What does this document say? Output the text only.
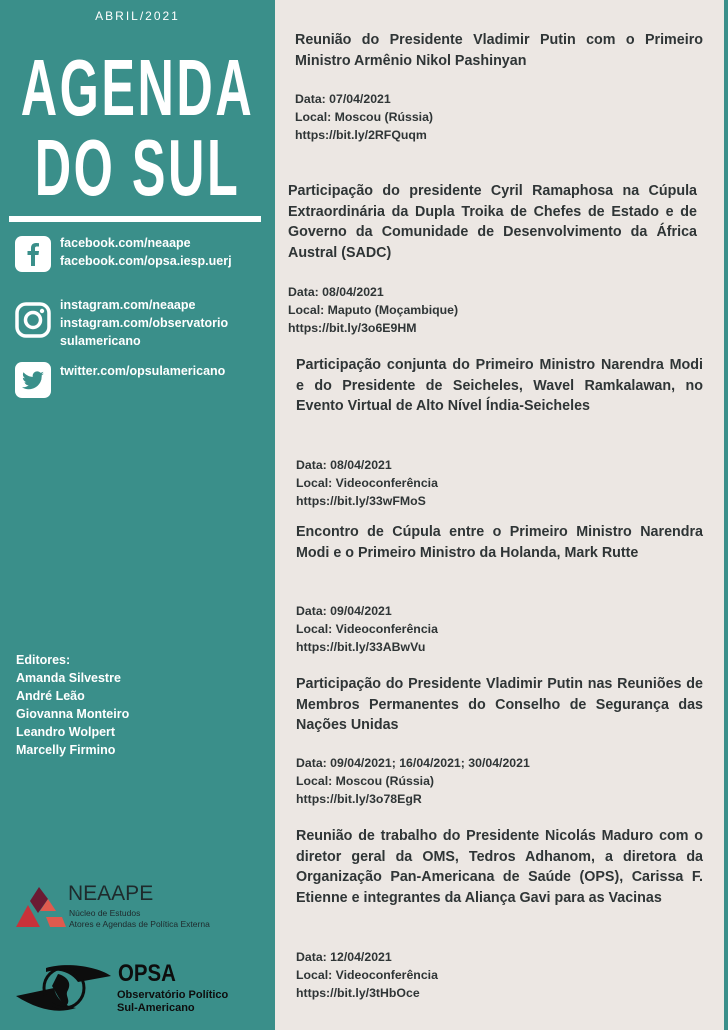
ABRIL/2021
AGENDA
DO SUL
facebook.com/neaape
facebook.com/opsa.iesp.uerj
instagram.com/neaape
instagram.com/observatorio
sulamericano
twitter.com/opsulamericano
Editores:
Amanda Silvestre
André Leão
Giovanna Monteiro
Leandro Wolpert
Marcelly Firmino
NEAAPE
Núcleo de Estudos
Atores e Agendas de Política Externa
OPSA
Observatório Político
Sul-Americano
Reunião do Presidente Vladimir Putin com o Primeiro Ministro Armênio Nikol Pashinyan
Data: 07/04/2021
Local: Moscou (Rússia)
https://bit.ly/2RFQuqm
Participação do presidente Cyril Ramaphosa na Cúpula Extraordinária da Dupla Troika de Chefes de Estado e de Governo da Comunidade de Desenvolvimento da África Austral (SADC)
Data: 08/04/2021
Local: Maputo (Moçambique)
https://bit.ly/3o6E9HM
Participação conjunta do Primeiro Ministro Narendra Modi e do Presidente de Seicheles, Wavel Ramkalawan, no Evento Virtual de Alto Nível Índia-Seicheles
Data: 08/04/2021
Local: Videoconferência
https://bit.ly/33wFMoS
Encontro de Cúpula entre o Primeiro Ministro Narendra Modi e o Primeiro Ministro da Holanda, Mark Rutte
Data: 09/04/2021
Local: Videoconferência
https://bit.ly/33ABwVu
Participação do Presidente Vladimir Putin nas Reuniões de Membros Permanentes do Conselho de Segurança das Nações Unidas
Data: 09/04/2021; 16/04/2021; 30/04/2021
Local: Moscou (Rússia)
https://bit.ly/3o78EgR
Reunião de trabalho do Presidente Nicolás Maduro com o diretor geral da OMS, Tedros Adhanom, a diretora da Organização Pan-Americana de Saúde (OPS), Carissa F. Etienne e integrantes da Aliança Gavi para as Vacinas
Data: 12/04/2021
Local: Videoconferência
https://bit.ly/3tHbOce
